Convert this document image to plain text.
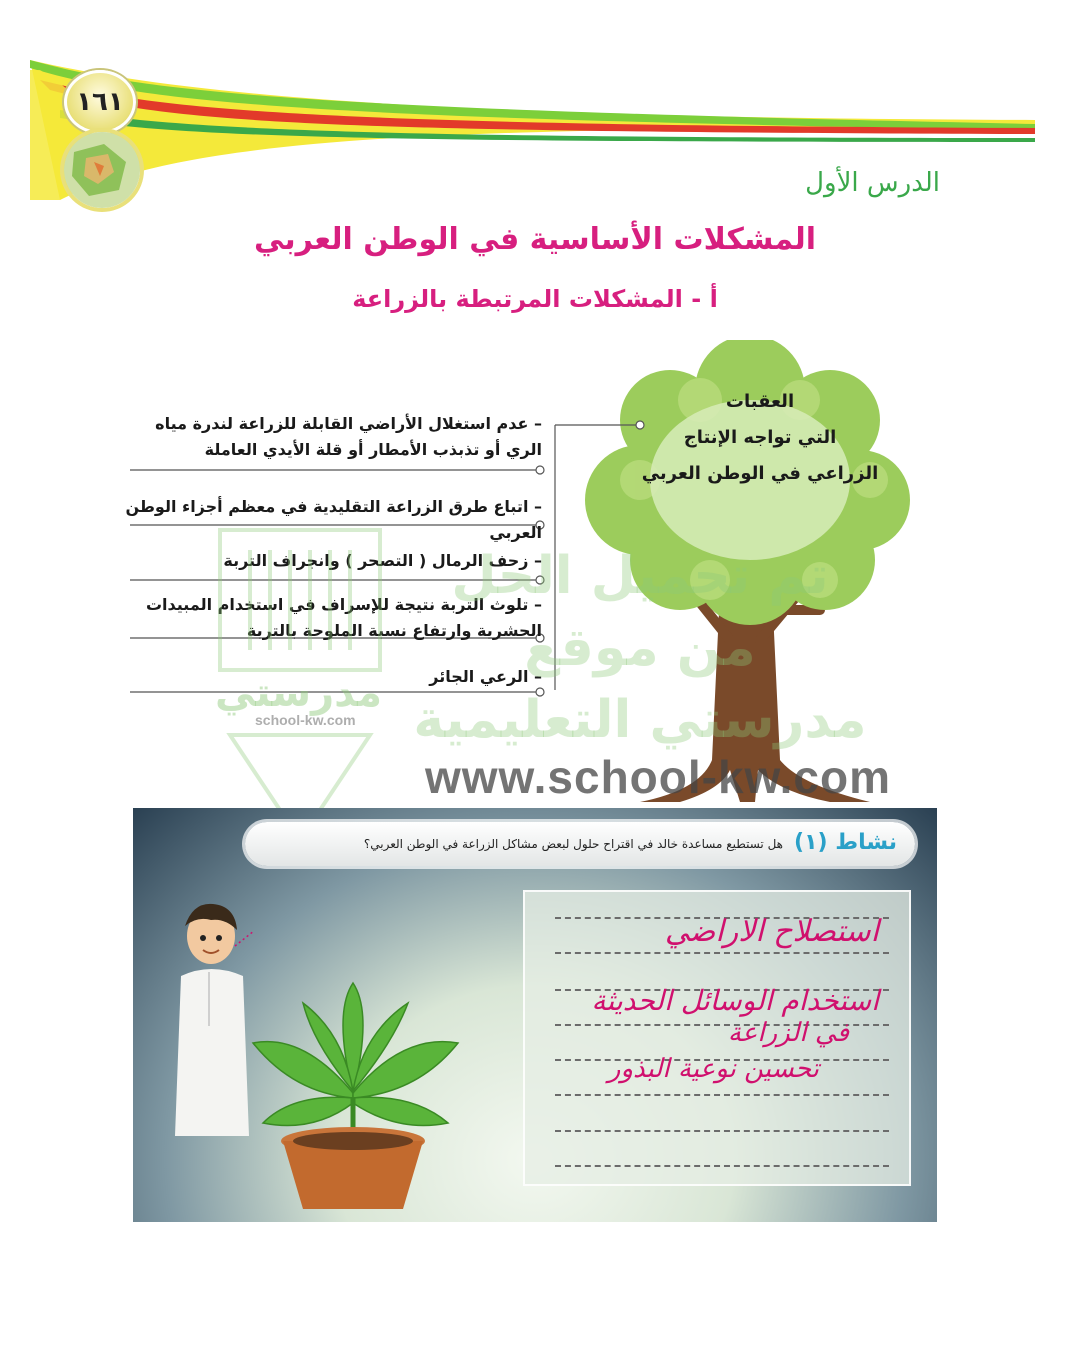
١٦١
الدرس الأول
المشكلات الأساسية في الوطن العربي
أ - المشكلات المرتبطة بالزراعة
العقبات
التي تواجه الإنتاج
الزراعي في الوطن العربي
– عدم استغلال الأراضي القابلة للزراعة لندرة مياه الري أو تذبذب الأمطار أو قلة الأيدي العاملة
– اتباع طرق الزراعة التقليدية في معظم أجزاء الوطن العربي
– زحف الرمال ( التصحر ) وانجراف التربة
– تلوث التربة نتيجة للإسراف في استخدام المبيدات الحشرية وارتفاع نسبة الملوحة بالتربة
– الرعي الجائر
مدرستي
school-kw.com
تم تحميل الحل
من موقع
مدرستي التعليمية
www.school-kw.com
نشاط (١)
هل تستطيع مساعدة خالد في اقتراح حلول لبعض مشاكل الزراعة في الوطن العربي؟
استصلاح الاراضي
استخدام الوسائل الحديثة
في الزراعة
تحسين نوعية البذور
